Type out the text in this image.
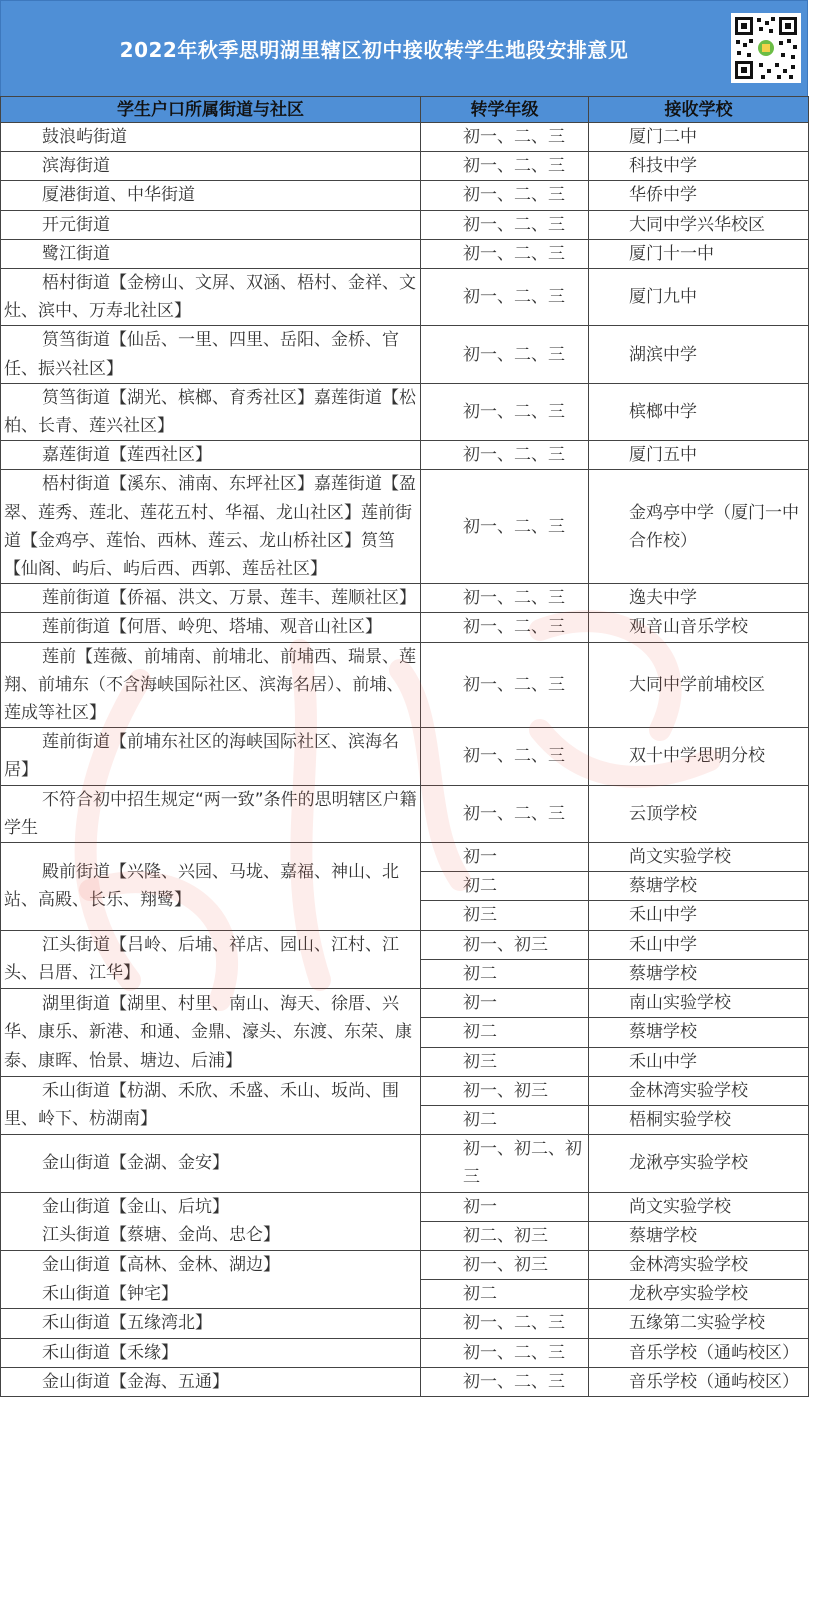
2022年秋季思明湖里辖区初中接收转学生地段安排意见
学生户口所属街道与社区	转学年级	接收学校
鼓浪屿街道	初一、二、三	厦门二中
滨海街道	初一、二、三	科技中学
厦港街道、中华街道	初一、二、三	华侨中学
开元街道	初一、二、三	大同中学兴华校区
鹭江街道	初一、二、三	厦门十一中
梧村街道【金榜山、文屏、双涵、梧村、金祥、文灶、滨中、万寿北社区】	初一、二、三	厦门九中
筼筜街道【仙岳、一里、四里、岳阳、金桥、官任、振兴社区】	初一、二、三	湖滨中学
筼筜街道【湖光、槟榔、育秀社区】嘉莲街道【松柏、长青、莲兴社区】	初一、二、三	槟榔中学
嘉莲街道【莲西社区】	初一、二、三	厦门五中
梧村街道【溪东、浦南、东坪社区】嘉莲街道【盈翠、莲秀、莲北、莲花五村、华福、龙山社区】莲前街道【金鸡亭、莲怡、西林、莲云、龙山桥社区】筼筜【仙阁、屿后、屿后西、西郭、莲岳社区】	初一、二、三	金鸡亭中学（厦门一中合作校）
莲前街道【侨福、洪文、万景、莲丰、莲顺社区】	初一、二、三	逸夫中学
莲前街道【何厝、岭兜、塔埔、观音山社区】	初一、二、三	观音山音乐学校
莲前【莲薇、前埔南、前埔北、前埔西、瑞景、莲翔、前埔东（不含海峡国际社区、滨海名居）、前埔、莲成等社区】	初一、二、三	大同中学前埔校区
莲前街道【前埔东社区的海峡国际社区、滨海名居】	初一、二、三	双十中学思明分校
不符合初中招生规定“两一致”条件的思明辖区户籍学生	初一、二、三	云顶学校
殿前街道【兴隆、兴园、马垅、嘉福、神山、北站、高殿、长乐、翔鹭】	初一	尚文实验学校
	初二	蔡塘学校
	初三	禾山中学
江头街道【吕岭、后埔、祥店、园山、江村、江头、吕厝、江华】	初一、初三	禾山中学
	初二	蔡塘学校
湖里街道【湖里、村里、南山、海天、徐厝、兴华、康乐、新港、和通、金鼎、濠头、东渡、东荣、康泰、康晖、怡景、塘边、后浦】	初一	南山实验学校
	初二	蔡塘学校
	初三	禾山中学
禾山街道【枋湖、禾欣、禾盛、禾山、坂尚、围里、岭下、枋湖南】	初一、初三	金林湾实验学校
	初二	梧桐实验学校
金山街道【金湖、金安】	初一、初二、初三	龙湫亭实验学校
金山街道【金山、后坑】	初一	尚文实验学校
江头街道【蔡塘、金尚、忠仑】	初二、初三	蔡塘学校
金山街道【高林、金林、湖边】	初一、初三	金林湾实验学校
禾山街道【钟宅】	初二	龙秋亭实验学校
禾山街道【五缘湾北】	初一、二、三	五缘第二实验学校
禾山街道【禾缘】	初一、二、三	音乐学校（通屿校区）
金山街道【金海、五通】	初一、二、三	音乐学校（通屿校区）
